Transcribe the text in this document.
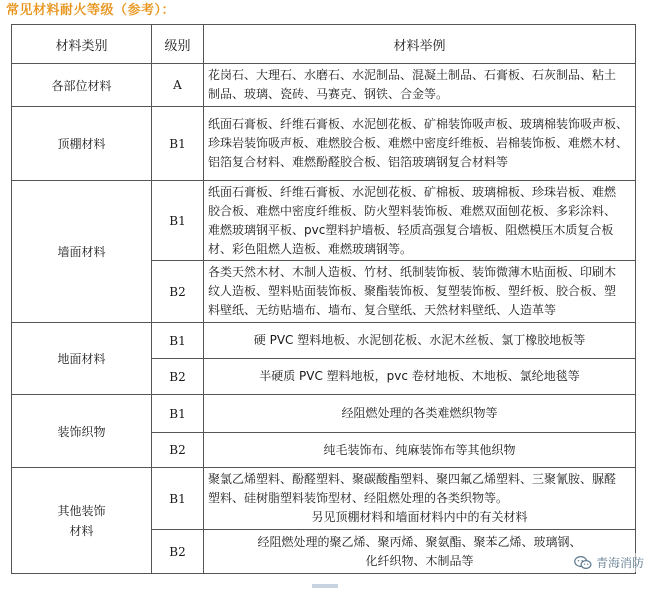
常见材料耐火等级（参考）：
材料类别	级别	材料举例
各部位材料	A	花岗石、大理石、水磨石、水泥制品、混凝土制品、石膏板、石灰制品、粘土
制品、玻璃、瓷砖、马赛克、钢铁、合金等。

顶棚材料	B1	纸面石膏板、纤维石膏板、水泥刨花板、矿棉装饰吸声板、玻璃棉装饰吸声板、
珍珠岩装饰吸声板、难燃胶合板、难燃中密度纤维板、岩棉装饰板、难燃木材、
铝箔复合材料、难燃酚醛胶合板、铝箔玻璃钢复合材料等

墙面材料	B1	纸面石膏板、纤维石膏板、水泥刨花板、矿棉板、玻璃棉板、珍珠岩板、难燃
胶合板、难燃中密度纤维板、防火塑料装饰板、难燃双面刨花板、多彩涂料、
难燃玻璃钢平板、pvc塑料护墙板、轻质高强复合墙板、阻燃模压木质复合板
材、彩色阻燃人造板、难燃玻璃钢等。

	B2	各类天然木材、木制人造板、竹材、纸制装饰板、装饰微薄木贴面板、印刷木
纹人造板、塑料贴面装饰板、聚酯装饰板、复塑装饰板、塑纤板、胶合板、塑
料壁纸、无纺贴墙布、墙布、复合壁纸、天然材料壁纸、人造革等

地面材料	B1	硬 PVC 塑料地板、水泥刨花板、水泥木丝板、氯丁橡胶地板等

	B2	半硬质 PVC 塑料地板，pvc 卷材地板、木地板、氯纶地毯等

装饰织物	B1	经阻燃处理的各类难燃织物等

	B2	纯毛装饰布、纯麻装饰布等其他织物

其他装饰
材料	B1	聚氯乙烯塑料、酚醛塑料、聚碳酸酯塑料、聚四氟乙烯塑料、三聚氰胺、脲醛
塑料、硅树脂塑料装饰型材、经阻燃处理的各类织物等。
另见顶棚材料和墙面材料内中的有关材料

	B2	经阻燃处理的聚乙烯、聚丙烯、聚氨酯、聚苯乙烯、玻璃钢、
化纤织物、木制品等	青海消防
